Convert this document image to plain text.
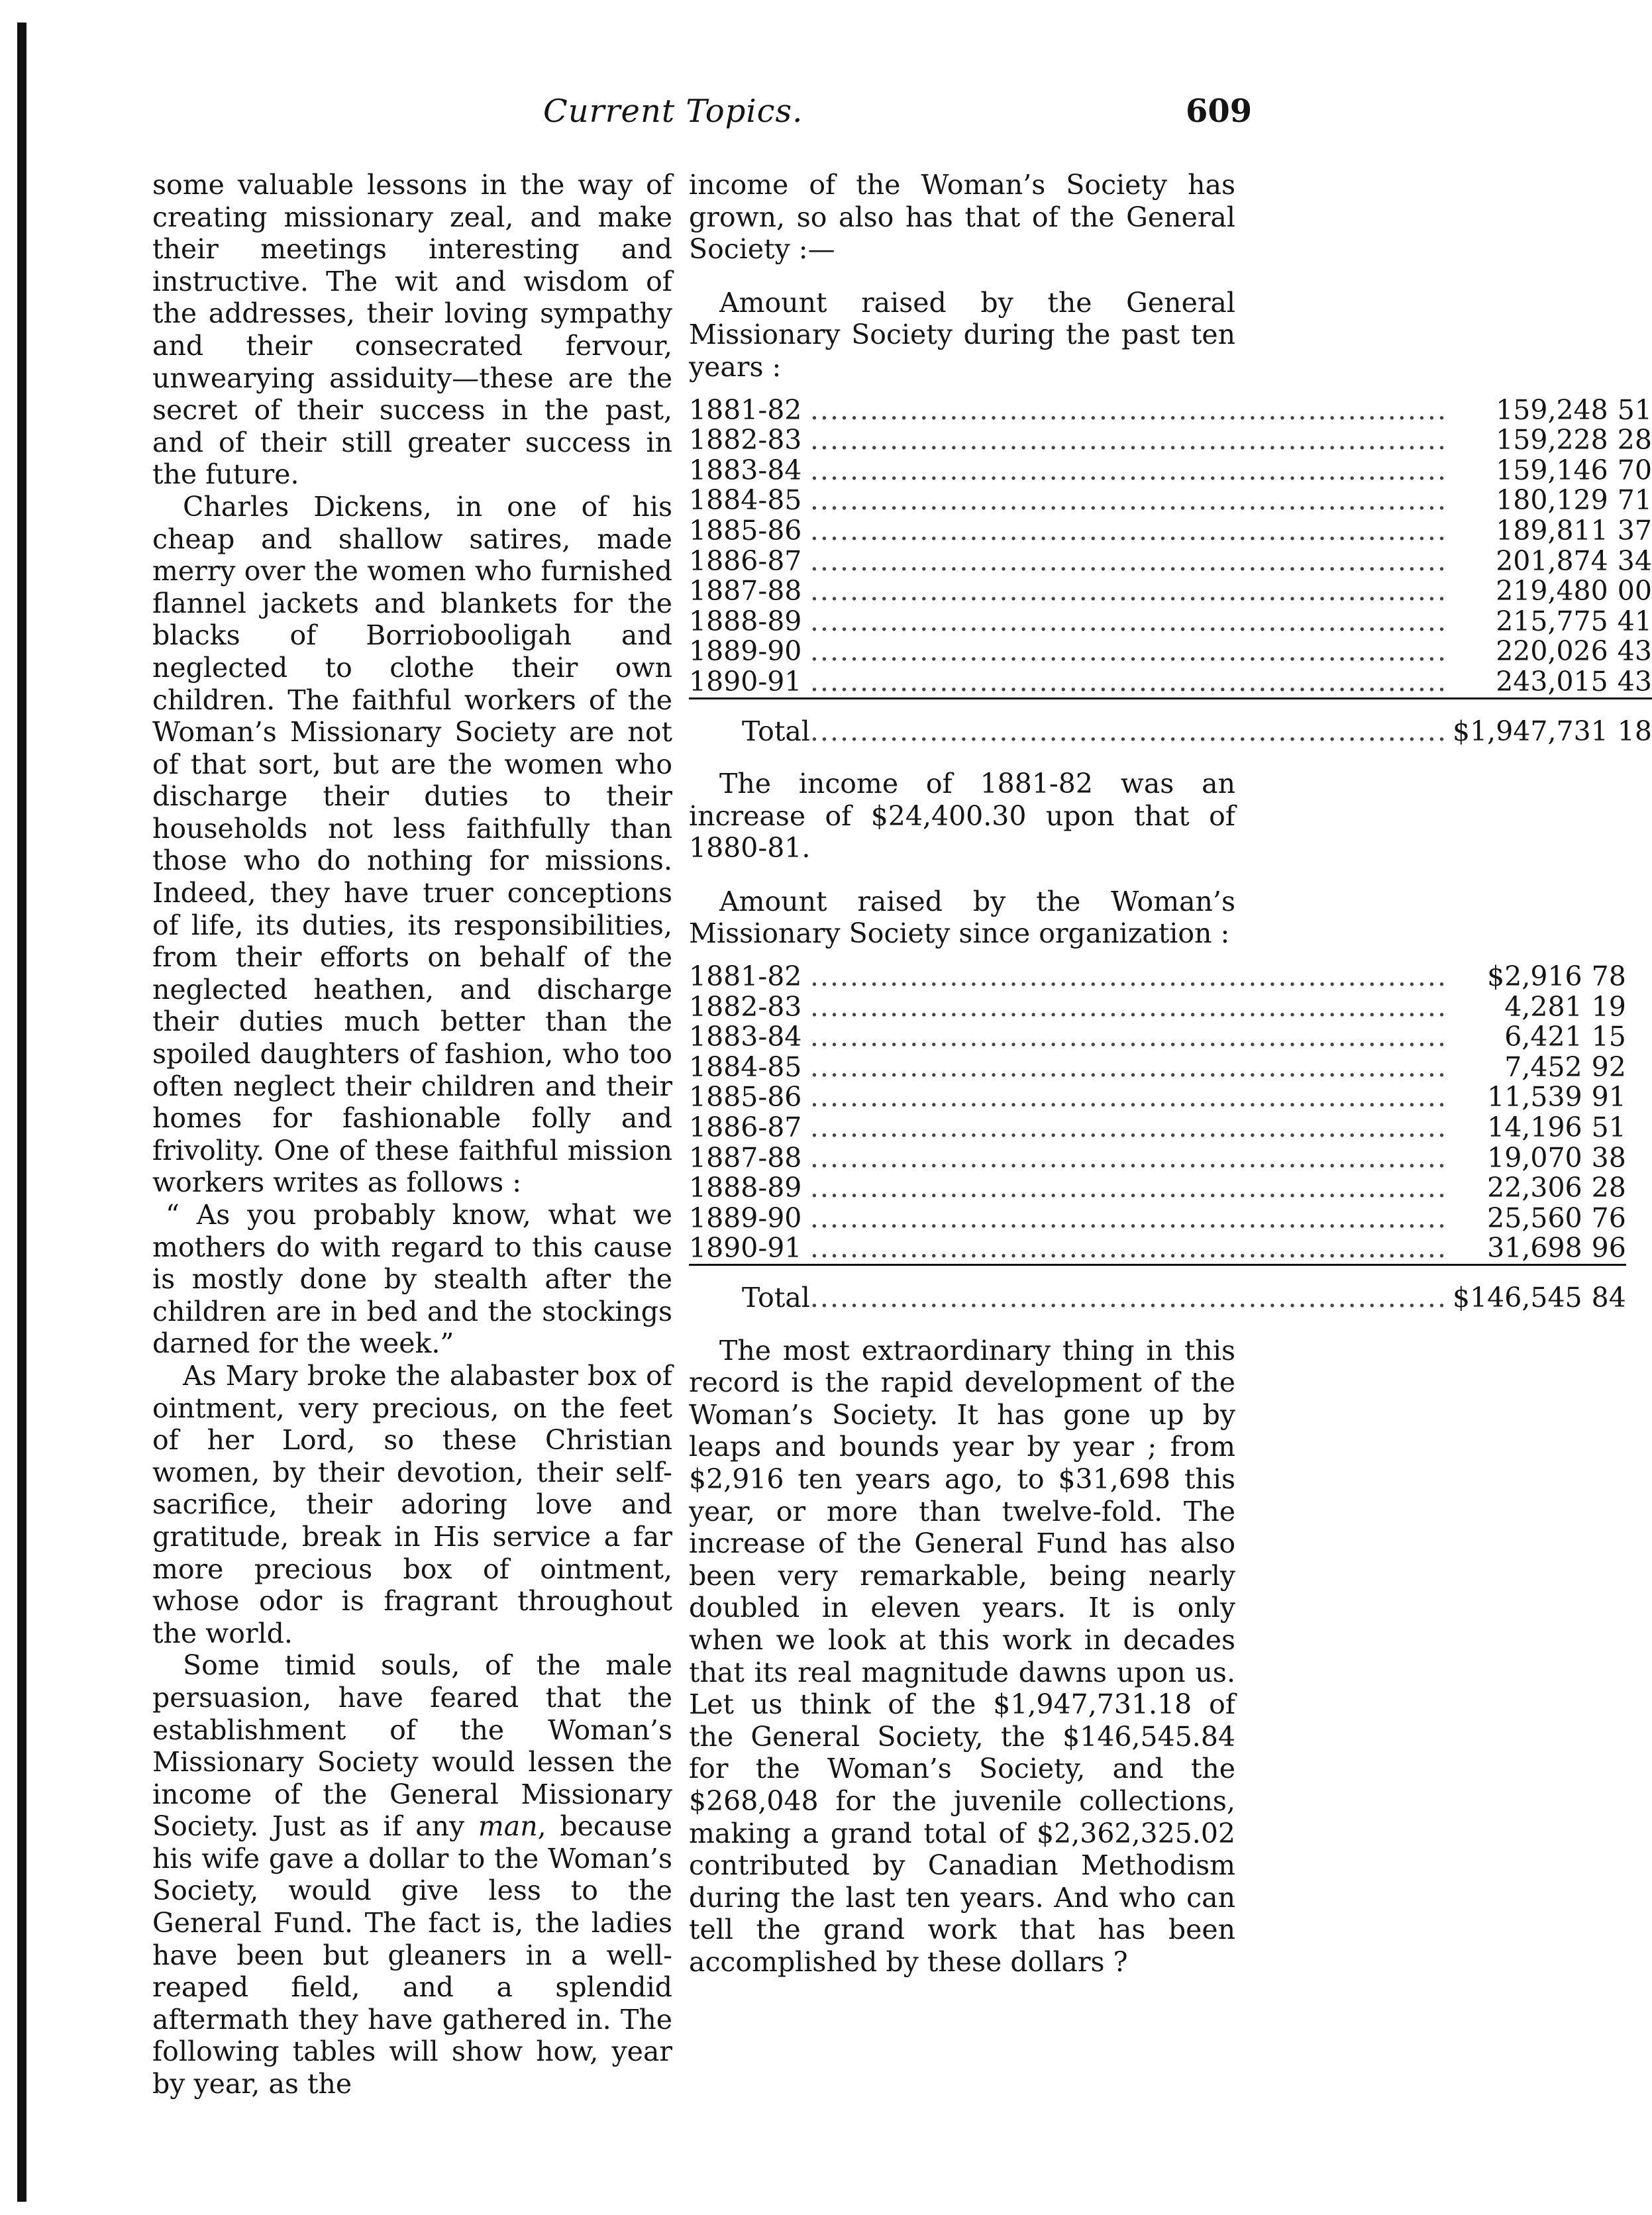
Current Topics.	609

some valuable lessons in the way of creating missionary zeal, and make their meetings interesting and instructive. The wit and wisdom of the addresses, their loving sympathy and their consecrated fervour, unwearying assiduity—these are the secret of their success in the past, and of their still greater success in the future.

Charles Dickens, in one of his cheap and shallow satires, made merry over the women who furnished flannel jackets and blankets for the blacks of Borriobooligah and neglected to clothe their own children. The faithful workers of the Woman’s Missionary Society are not of that sort, but are the women who discharge their duties to their households not less faithfully than those who do nothing for missions. Indeed, they have truer conceptions of life, its duties, its responsibilities, from their efforts on behalf of the neglected heathen, and discharge their duties much better than the spoiled daughters of fashion, who too often neglect their children and their homes for fashionable folly and frivolity. One of these faithful mission workers writes as follows :

“ As you probably know, what we mothers do with regard to this cause is mostly done by stealth after the children are in bed and the stockings darned for the week.”

As Mary broke the alabaster box of ointment, very precious, on the feet of her Lord, so these Christian women, by their devotion, their self-sacrifice, their adoring love and gratitude, break in His service a far more precious box of ointment, whose odor is fragrant throughout the world.

Some timid souls, of the male persuasion, have feared that the establishment of the Woman’s Missionary Society would lessen the income of the General Missionary Society. Just as if any man, because his wife gave a dollar to the Woman’s Society, would give less to the General Fund. The fact is, the ladies have been but gleaners in a well-reaped field, and a splendid aftermath they have gathered in. The following tables will show how, year by year, as the

income of the Woman’s Society has grown, so also has that of the General Society :—

Amount raised by the General Missionary Society during the past ten years :

1881-82	.....	159,248	51
1882-83	.....	159,228	28
1883-84	.....	159,146	70
1884-85	.....	180,129	71
1885-86	.....	189,811	37
1886-87	.....	201,874	34
1887-88	.....	219,480	00
1888-89	.....	215,775	41
1889-90	.....	220,026	43
1890-91	.....	243,015	43

Total	.....	$1,947,731	18

The income of 1881-82 was an increase of $24,400.30 upon that of 1880-81.

Amount raised by the Woman’s Missionary Society since organization :

1881-82	.....	$2,916	78
1882-83	.....	4,281	19
1883-84	.....	6,421	15
1884-85	.....	7,452	92
1885-86	.....	11,539	91
1886-87	.....	14,196	51
1887-88	.....	19,070	38
1888-89	.....	22,306	28
1889-90	.....	25,560	76
1890-91	.....	31,698	96

Total	.....	$146,545	84

The most extraordinary thing in this record is the rapid development of the Woman’s Society. It has gone up by leaps and bounds year by year ; from $2,916 ten years ago, to $31,698 this year, or more than twelve-fold. The increase of the General Fund has also been very remarkable, being nearly doubled in eleven years. It is only when we look at this work in decades that its real magnitude dawns upon us. Let us think of the $1,947,731.18 of the General Society, the $146,545.84 for the Woman’s Society, and the $268,048 for the juvenile collections, making a grand total of $2,362,325.02 contributed by Canadian Methodism during the last ten years. And who can tell the grand work that has been accomplished by these dollars ?
